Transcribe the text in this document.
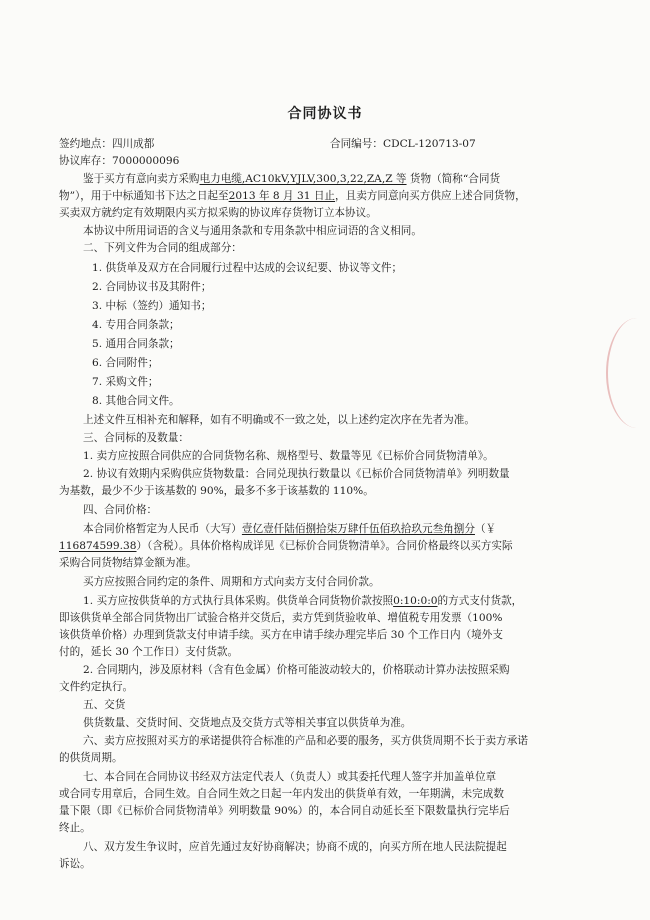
合同协议书
签约地点：四川成都	合同编号：CDCL-120713-07
协议库存：7000000096
鉴于买方有意向卖方采购电力电缆,AC10kV,YJLV,300,3,22,ZA,Z 等 货物（简称“合同货
物”），用于中标通知书下达之日起至2013 年 8 月 31 日止，且卖方同意向买方供应上述合同货物，
买卖双方就约定有效期限内买方拟采购的协议库存货物订立本协议。
本协议中所用词语的含义与通用条款和专用条款中相应词语的含义相同。
二、下列文件为合同的组成部分：
1. 供货单及双方在合同履行过程中达成的会议纪要、协议等文件；
2. 合同协议书及其附件；
3. 中标（签约）通知书；
4. 专用合同条款；
5. 通用合同条款；
6. 合同附件；
7. 采购文件；
8. 其他合同文件。
上述文件互相补充和解释，如有不明确或不一致之处，以上述约定次序在先者为准。
三、合同标的及数量：
1. 卖方应按照合同供应的合同货物名称、规格型号、数量等见《已标价合同货物清单》。
2. 协议有效期内采购供应货物数量：合同兑现执行数量以《已标价合同货物清单》列明数量
为基数，最少不少于该基数的 90%，最多不多于该基数的 110%。
四、合同价格：
本合同价格暂定为人民币（大写）壹亿壹仟陆佰捌拾柒万肆仟伍佰玖拾玖元叁角捌分（￥
116874599.38）（含税）。具体价格构成详见《已标价合同货物清单》。合同价格最终以买方实际
采购合同货物结算金额为准。
买方应按照合同约定的条件、周期和方式向卖方支付合同价款。
1. 买方应按供货单的方式执行具体采购。供货单合同货物价款按照0:10:0:0的方式支付货款，
即该供货单全部合同货物出厂试验合格并交货后，卖方凭到货验收单、增值税专用发票（100%
该供货单价格）办理到货款支付申请手续。买方在申请手续办理完毕后 30 个工作日内（境外支
付的，延长 30 个工作日）支付货款。
2. 合同期内，涉及原材料（含有色金属）价格可能波动较大的，价格联动计算办法按照采购
文件约定执行。
五、交货
供货数量、交货时间、交货地点及交货方式等相关事宜以供货单为准。
六、卖方应按照对买方的承诺提供符合标准的产品和必要的服务，买方供货周期不长于卖方承诺
的供货周期。
七、本合同在合同协议书经双方法定代表人（负责人）或其委托代理人签字并加盖单位章
或合同专用章后，合同生效。自合同生效之日起一年内发出的供货单有效，一年期满，未完成数
量下限（即《已标价合同货物清单》列明数量 90%）的，本合同自动延长至下限数量执行完毕后
终止。
八、双方发生争议时，应首先通过友好协商解决；协商不成的，向买方所在地人民法院提起
诉讼。
